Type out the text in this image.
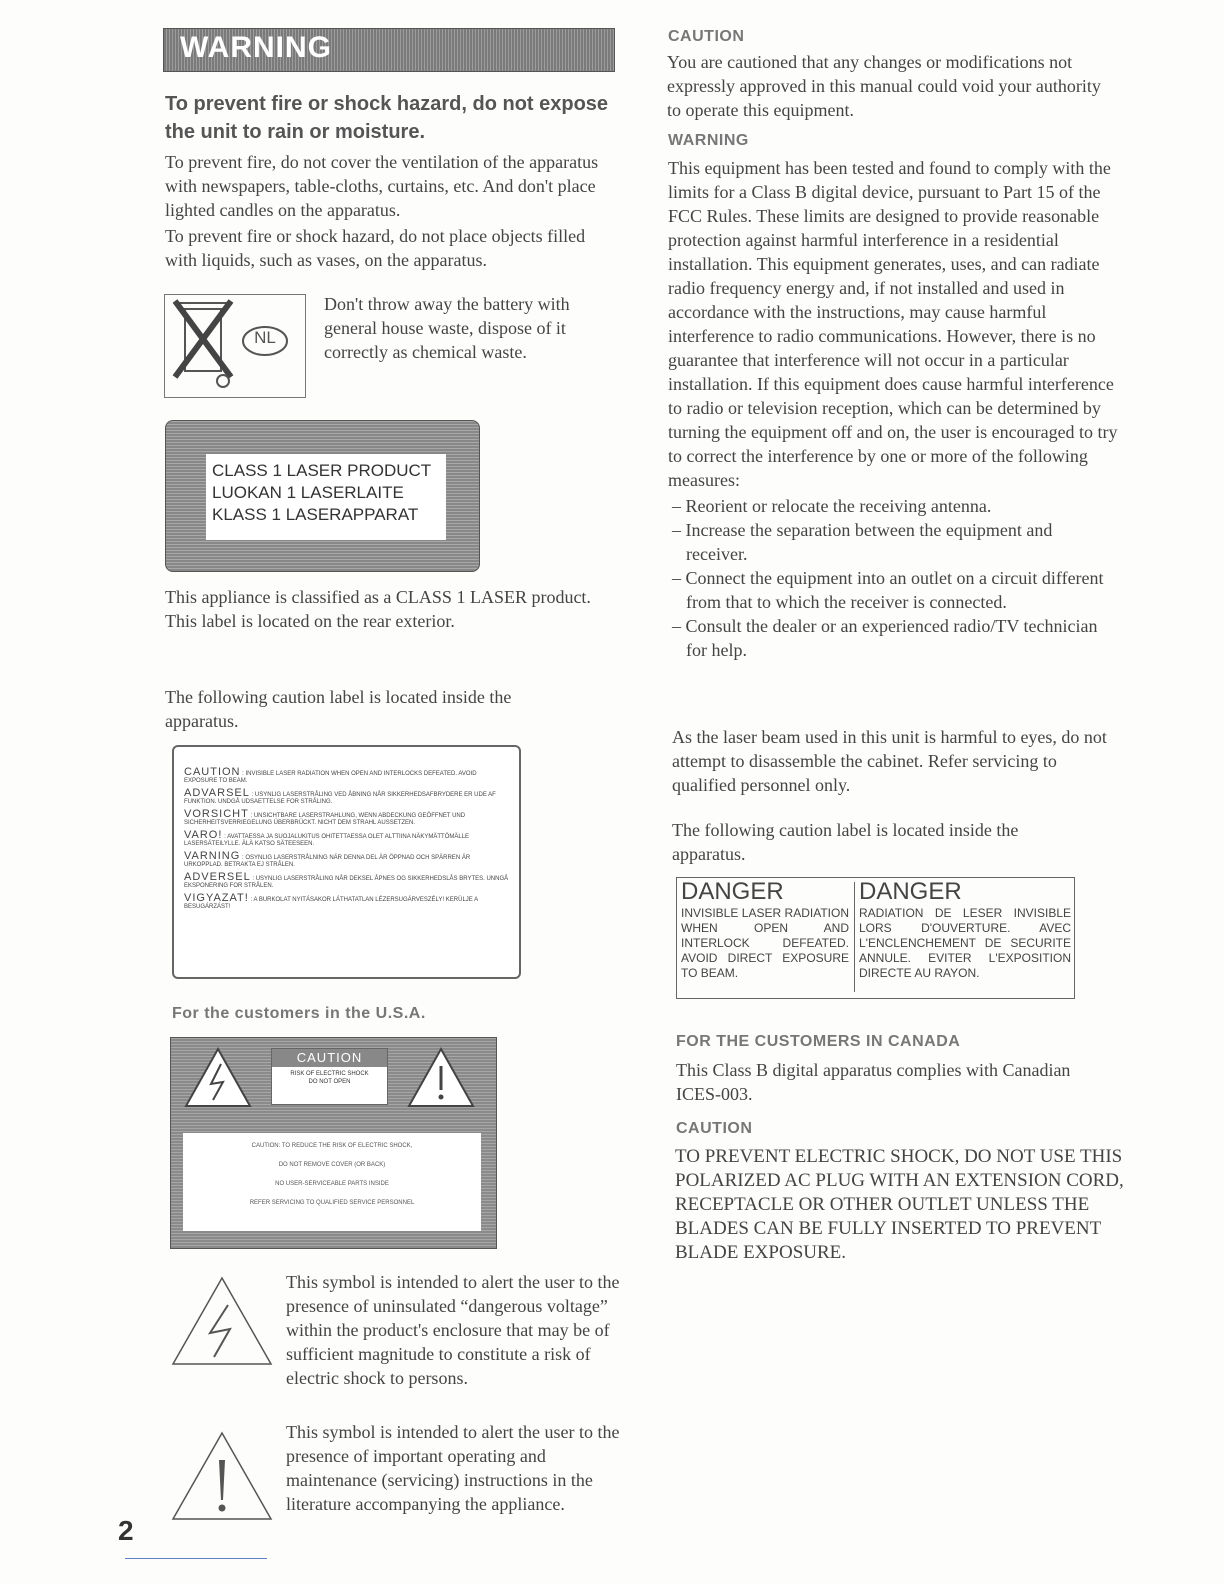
WARNING
To prevent fire or shock hazard, do not expose the unit to rain or moisture.

To prevent fire, do not cover the ventilation of the apparatus with newspapers, table-cloths, curtains, etc. And don't place lighted candles on the apparatus.

To prevent fire or shock hazard, do not place objects filled with liquids, such as vases, on the apparatus.

NL
Don't throw away the battery with general house waste, dispose of it correctly as chemical waste.
CLASS 1 LASER PRODUCT
LUOKAN 1 LASERLAITE
KLASS 1 LASERAPPARAT

This appliance is classified as a CLASS 1 LASER product.

This label is located on the rear exterior.

The following caution label is located inside the apparatus.
CAUTION : INVISIBLE LASER RADIATION WHEN OPEN AND INTERLOCKS DEFEATED. AVOID EXPOSURE TO BEAM.
ADVARSEL : USYNLIG LASERSTRÅLING VED ÅBNING NÅR SIKKERHEDSAFBRYDERE ER UDE AF FUNKTION. UNDGÅ UDSAETTELSE FOR STRÅLING.
VORSICHT : UNSICHTBARE LASERSTRAHLUNG, WENN ABDECKUNG GEÖFFNET UND SICHERHEITSVERRIEGELUNG ÜBERBRÜCKT. NICHT DEM STRAHL AUSSETZEN.
VARO! : AVATTAESSA JA SUOJALUKITUS OHITETTAESSA OLET ALTTIINA NÄKYMÄTTÖMÄLLE LASERSÄTEILYLLE. ÄLÄ KATSO SÄTEESEEN.
VARNING : OSYNLIG LASERSTRÅLNING NÄR DENNA DEL ÄR ÖPPNAD OCH SPÄRREN ÄR URKOPPLAD. BETRAKTA EJ STRÅLEN.
ADVERSEL : USYNLIG LASERSTRÅLING NÅR DEKSEL ÅPNES OG SIKKERHEDSLÅS BRYTES. UNNGÅ EKSPONERING FOR STRÅLEN.
VIGYAZAT! : A BURKOLAT NYITÁSAKOR LÁTHATATLAN LÉZERSUGÁRVESZÉLY! KERÜLJE A BESUGÁRZÁST!
For the customers in the U.S.A.
CAUTION
RISK OF ELECTRIC SHOCK
DO NOT OPEN
CAUTION: TO REDUCE THE RISK OF ELECTRIC SHOCK,
DO NOT REMOVE COVER (OR BACK)
NO USER-SERVICEABLE PARTS INSIDE
REFER SERVICING TO QUALIFIED SERVICE PERSONNEL
This symbol is intended to alert the user to the presence of uninsulated “dangerous voltage” within the product's enclosure that may be of sufficient magnitude to constitute a risk of electric shock to persons.
This symbol is intended to alert the user to the presence of important operating and maintenance (servicing) instructions in the literature accompanying the appliance.
2
CAUTION
You are cautioned that any changes or modifications not expressly approved in this manual could void your authority to operate this equipment.
WARNING

This equipment has been tested and found to comply with the limits for a Class B digital device, pursuant to Part 15 of the FCC Rules. These limits are designed to provide reasonable protection against harmful interference in a residential installation. This equipment generates, uses, and can radiate radio frequency energy and, if not installed and used in accordance with the instructions, may cause harmful interference to radio communications. However, there is no guarantee that interference will not occur in a particular installation. If this equipment does cause harmful interference to radio or television reception, which can be determined by turning the equipment off and on, the user is encouraged to try to correct the interference by one or more of the following measures:

– Reorient or relocate the receiving antenna.
– Increase the separation between the equipment and receiver.
– Connect the equipment into an outlet on a circuit different from that to which the receiver is connected.
– Consult the dealer or an experienced radio/TV technician for help.
As the laser beam used in this unit is harmful to eyes, do not attempt to disassemble the cabinet. Refer servicing to qualified personnel only.
The following caution label is located inside the apparatus.
DANGER
INVISIBLE LASER RADIATION WHEN OPEN AND INTERLOCK DEFEATED. AVOID DIRECT EXPOSURE TO BEAM.
DANGER
RADIATION DE LESER INVISIBLE LORS D'OUVERTURE. AVEC L'ENCLENCHEMENT DE SECURITE ANNULE. EVITER L'EXPOSITION DIRECTE AU RAYON.
FOR THE CUSTOMERS IN CANADA
This Class B digital apparatus complies with Canadian ICES-003.
CAUTION
TO PREVENT ELECTRIC SHOCK, DO NOT USE THIS POLARIZED AC PLUG WITH AN EXTENSION CORD, RECEPTACLE OR OTHER OUTLET UNLESS THE BLADES CAN BE FULLY INSERTED TO PREVENT BLADE EXPOSURE.
